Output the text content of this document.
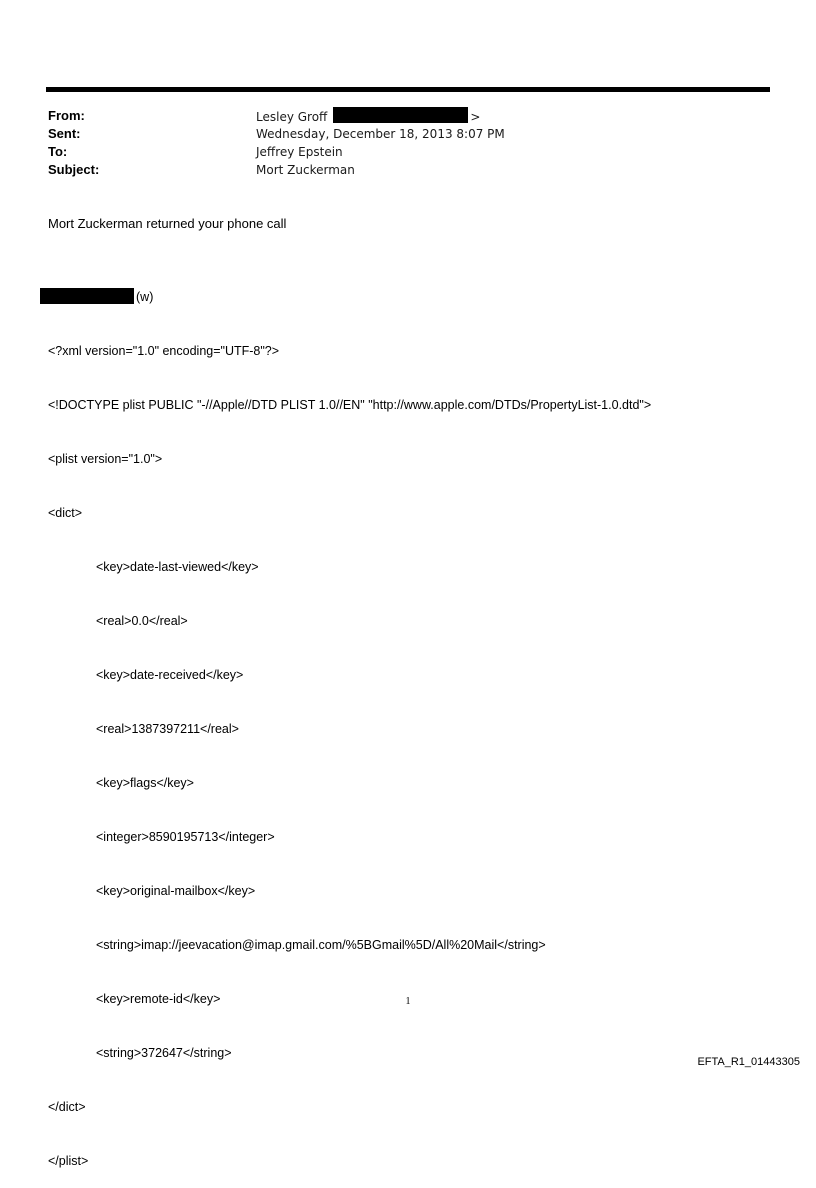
From:	Lesley Groff	>
Sent:	Wednesday, December 18, 2013 8:07 PM
To:	Jeffrey Epstein
Subject:	Mort Zuckerman
Mort Zuckerman returned your phone call

(w)

<?xml version="1.0" encoding="UTF-8"?>

<!DOCTYPE plist PUBLIC "-//Apple//DTD PLIST 1.0//EN" "http://www.apple.com/DTDs/PropertyList-1.0.dtd">

<plist version="1.0">

<dict>

<key>date-last-viewed</key>

<real>0.0</real>

<key>date-received</key>

<real>1387397211</real>

<key>flags</key>

<integer>8590195713</integer>

<key>original-mailbox</key>

<string>imap://jeevacation@imap.gmail.com/%5BGmail%5D/All%20Mail</string>

<key>remote-id</key>

<string>372647</string>

</dict>

</plist>

1
EFTA_R1_01443305
